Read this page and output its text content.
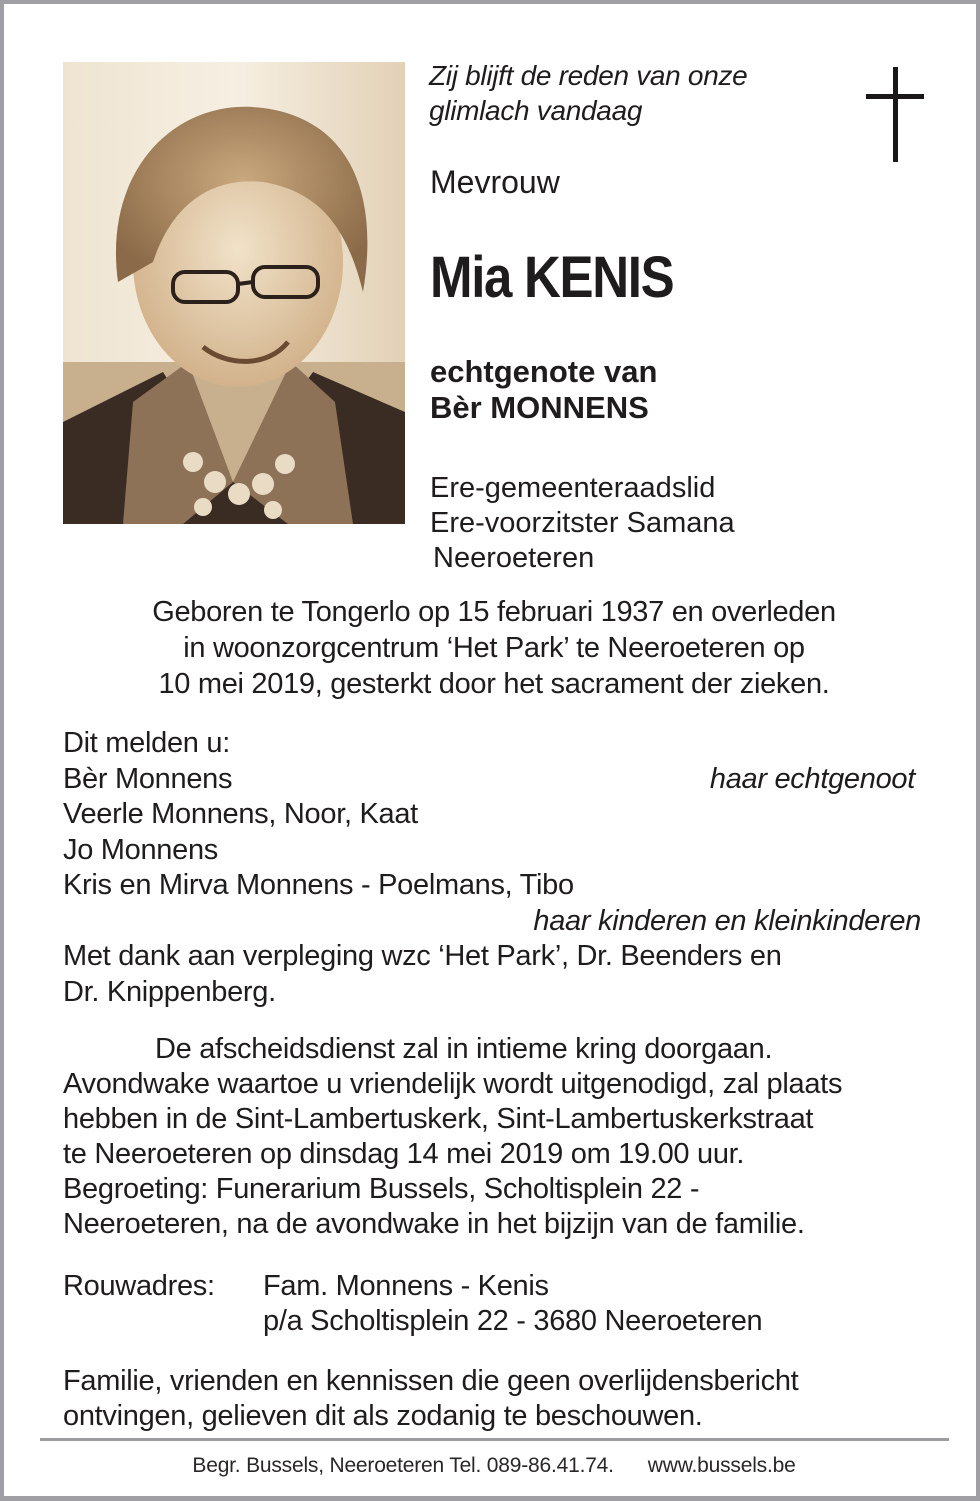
Zij blijft de reden van onze
glimlach vandaag
Mevrouw
Mia KENIS
echtgenote van
Bèr MONNENS
Ere-gemeenteraadslid
Ere-voorzitster Samana
Neeroeteren
Geboren te Tongerlo op 15 februari 1937 en overleden
in woonzorgcentrum ‘Het Park’ te Neeroeteren op
10 mei 2019, gesterkt door het sacrament der zieken.
Dit melden u:
Bèr Monnens	haar echtgenoot
Veerle Monnens, Noor, Kaat
Jo Monnens
Kris en Mirva Monnens - Poelmans, Tibo
haar kinderen en kleinkinderen
Met dank aan verpleging wzc ‘Het Park’, Dr. Beenders en
Dr. Knippenberg.
De afscheidsdienst zal in intieme kring doorgaan.
Avondwake waartoe u vriendelijk wordt uitgenodigd, zal plaats
hebben in de Sint-Lambertuskerk, Sint-Lambertuskerkstraat
te Neeroeteren op dinsdag 14 mei 2019 om 19.00 uur.
Begroeting: Funerarium Bussels, Scholtisplein 22 -
Neeroeteren, na de avondwake in het bijzijn van de familie.
Rouwadres: Fam. Monnens - Kenis
p/a Scholtisplein 22 - 3680 Neeroeteren
Familie, vrienden en kennissen die geen overlijdensbericht
ontvingen, gelieven dit als zodanig te beschouwen.
Begr. Bussels, Neeroeteren Tel. 089-86.41.74. www.bussels.be
